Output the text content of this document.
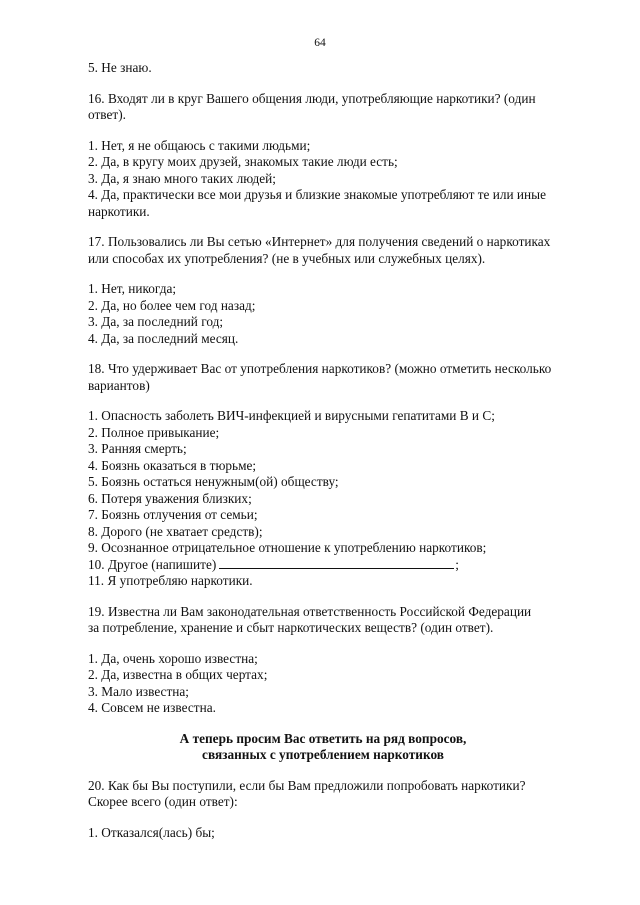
64
5. Не знаю.
16. Входят ли в круг Вашего общения люди, употребляющие наркотики? (один
ответ).
1. Нет, я не общаюсь с такими людьми;
2. Да, в кругу моих друзей, знакомых такие люди есть;
3. Да, я знаю много таких людей;
4. Да, практически все мои друзья и близкие знакомые употребляют те или иные
наркотики.
17. Пользовались ли Вы сетью «Интернет» для получения сведений о наркотиках
или способах их употребления? (не в учебных или служебных целях).
1. Нет, никогда;
2. Да, но более чем год назад;
3. Да, за последний год;
4. Да, за последний месяц.
18. Что удерживает Вас от употребления наркотиков? (можно отметить несколько
вариантов)
1. Опасность заболеть ВИЧ-инфекцией и вирусными гепатитами В и С;
2. Полное привыкание;
3. Ранняя смерть;
4. Боязнь оказаться в тюрьме;
5. Боязнь остаться ненужным(ой) обществу;
6. Потеря уважения близких;
7. Боязнь отлучения от семьи;
8. Дорого (не хватает средств);
9. Осознанное отрицательное отношение к употреблению наркотиков;
10. Другое (напишите)	;
11. Я употребляю наркотики.
19. Известна ли Вам законодательная ответственность Российской Федерации
за потребление, хранение и сбыт наркотических веществ? (один ответ).
1. Да, очень хорошо известна;
2. Да, известна в общих чертах;
3. Мало известна;
4. Совсем не известна.
А теперь просим Вас ответить на ряд вопросов,
связанных с употреблением наркотиков
20. Как бы Вы поступили, если бы Вам предложили попробовать наркотики?
Скорее всего (один ответ):
1. Отказался(лась) бы;
